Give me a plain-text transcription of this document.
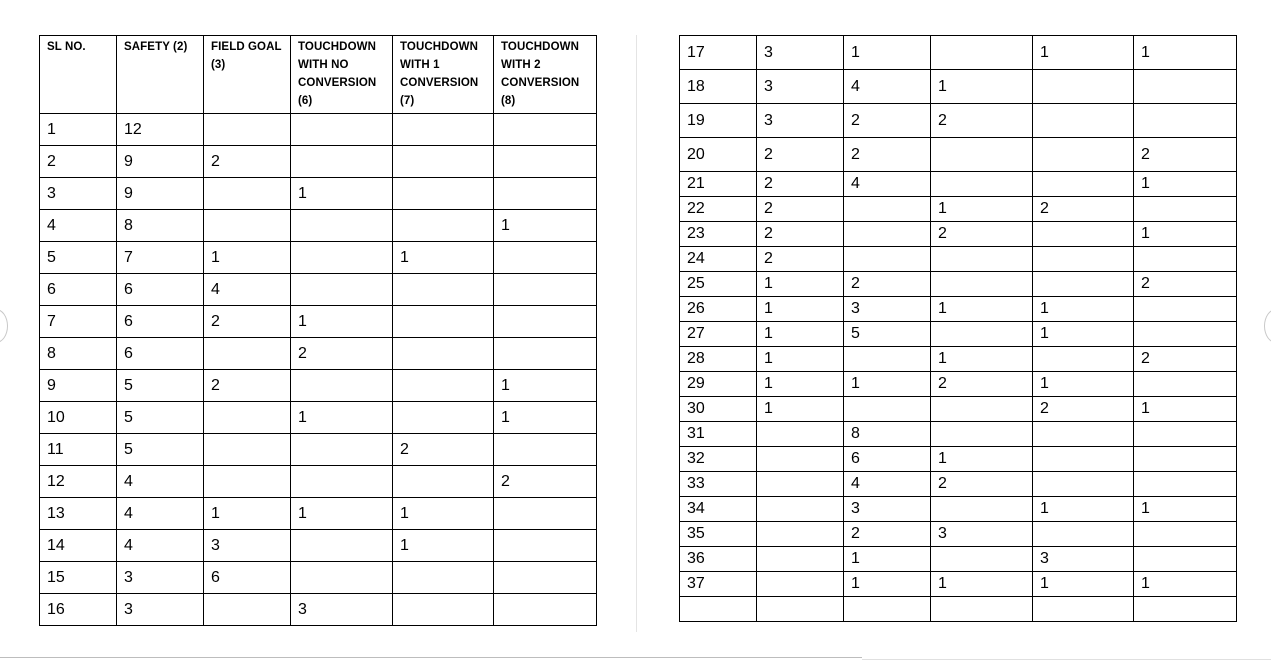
SL NO.	SAFETY (2)	FIELD GOAL (3)	TOUCHDOWN WITH NO CONVERSION (6)	TOUCHDOWN WITH 1 CONVERSION (7)	TOUCHDOWN WITH 2 CONVERSION (8)
1	12				
2	9	2			
3	9		1		
4	8				1
5	7	1		1	
6	6	4			
7	6	2	1		
8	6		2		
9	5	2			1
10	5		1		1
11	5			2	
12	4				2
13	4	1	1	1	
14	4	3		1	
15	3	6			
16	3		3		
17	3	1		1	1
18	3	4	1		
19	3	2	2		
20	2	2			2
21	2	4			1
22	2		1	2	
23	2		2		1
24	2				
25	1	2			2
26	1	3	1	1	
27	1	5		1	
28	1		1		2
29	1	1	2	1	
30	1			2	1
31		8			
32		6	1		
33		4	2		
34		3		1	1
35		2	3		
36		1		3	
37		1	1	1	1
